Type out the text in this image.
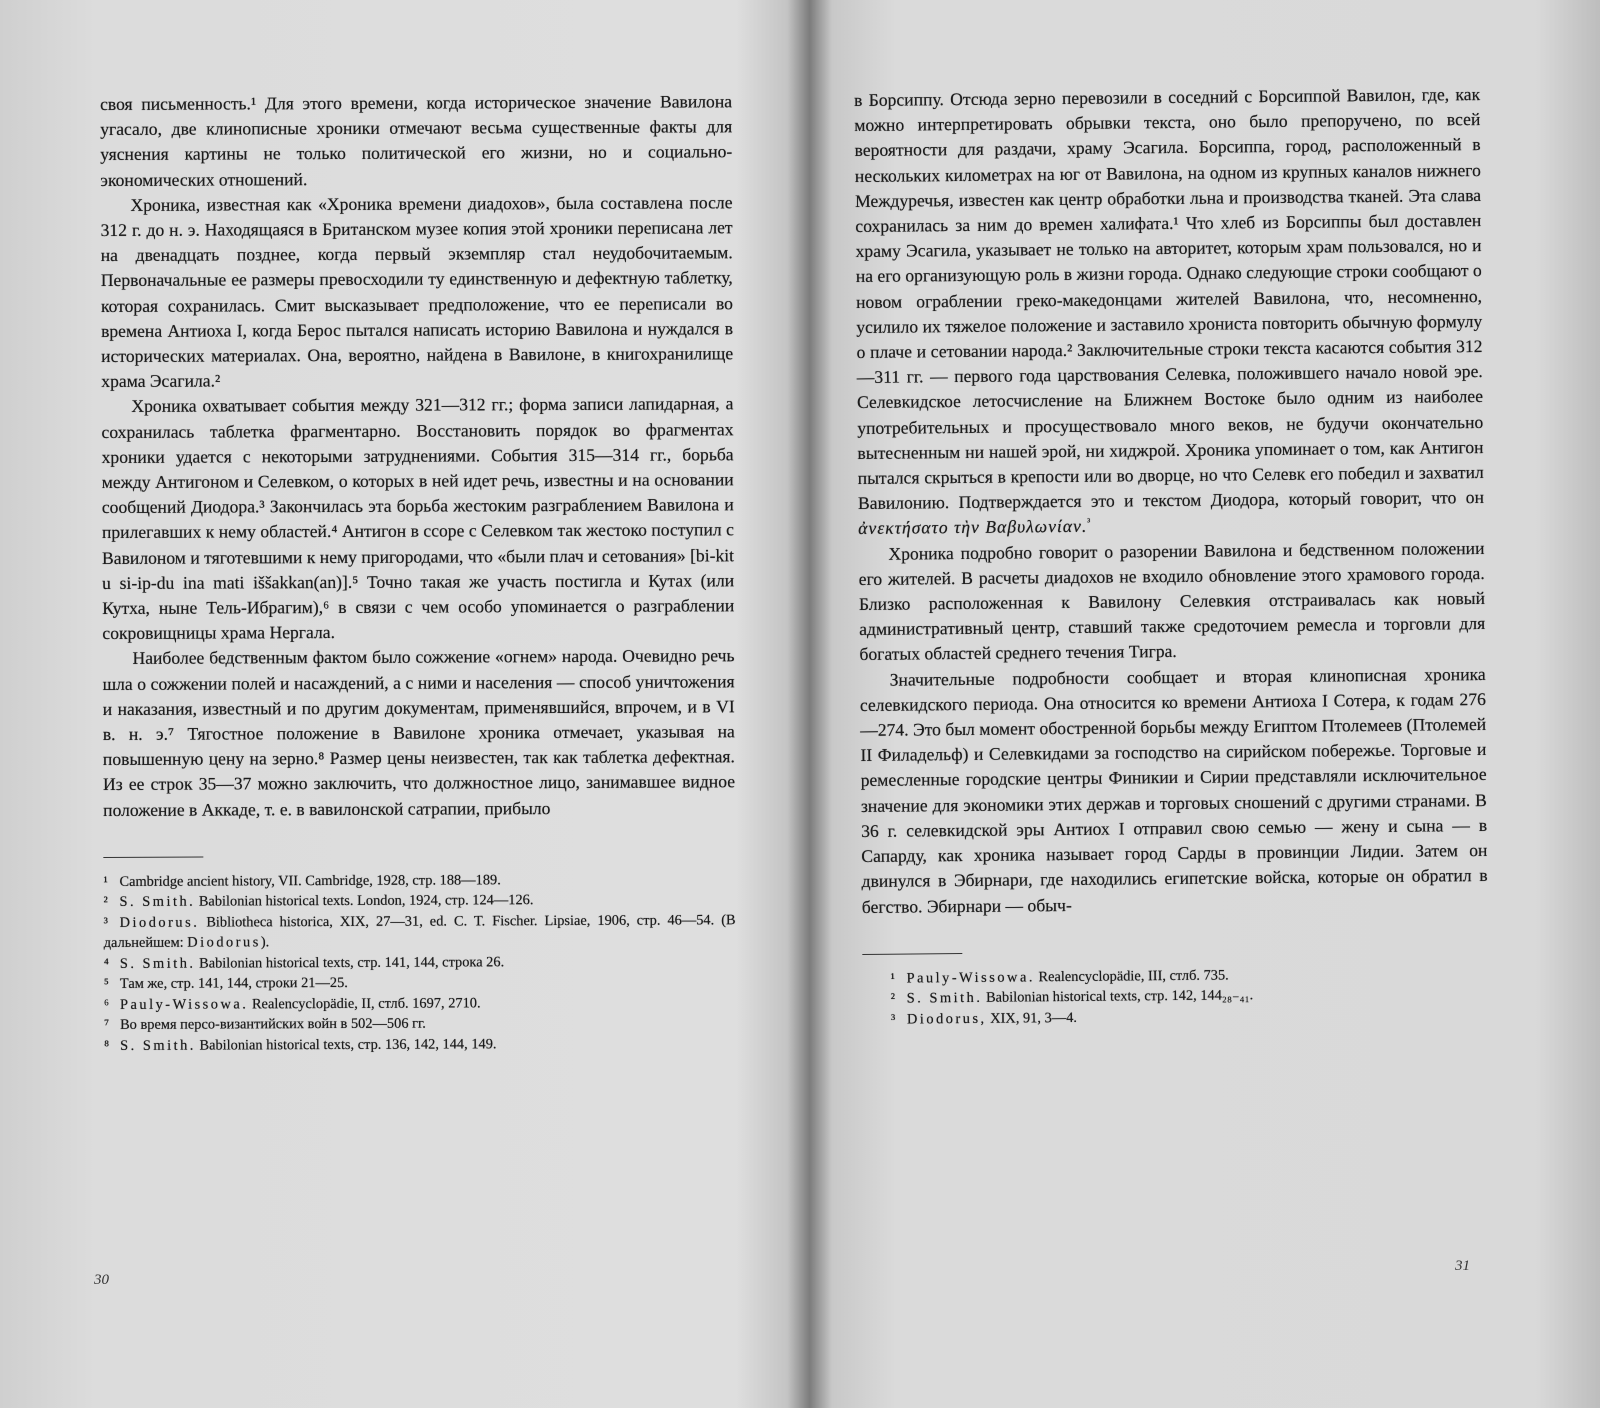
своя письменность.¹ Для этого времени, когда историческое значение Вавилона угасало, две клинописные хроники отмечают весьма существенные факты для уяснения картины не только политической его жизни, но и социально-экономических отношений.

Хроника, известная как «Хроника времени диадохов», была составлена после 312 г. до н. э. Находящаяся в Британском музее копия этой хроники переписана лет на двенадцать позднее, когда первый экземпляр стал неудобочитаемым. Первоначальные ее размеры превосходили ту единственную и дефектную таблетку, которая сохранилась. Смит высказывает предположение, что ее переписали во времена Антиоха I, когда Берос пытался написать историю Вавилона и нуждался в исторических материалах. Она, вероятно, найдена в Вавилоне, в книгохранилище храма Эсагила.²

Хроника охватывает события между 321—312 гг.; форма записи лапидарная, а сохранилась таблетка фрагментарно. Восстановить порядок во фрагментах хроники удается с некоторыми затруднениями. События 315—314 гг., борьба между Антигоном и Селевком, о которых в ней идет речь, известны и на основании сообщений Диодора.³ Закончилась эта борьба жестоким разграблением Вавилона и прилегавших к нему областей.⁴ Антигон в ссоре с Селевком так жестоко поступил с Вавилоном и тяготевшими к нему пригородами, что «были плач и сетования» [bi-kit u si-ip-du ina mati iššakkan(an)].⁵ Точно такая же участь постигла и Кутах (или Кутха, ныне Тель-Ибрагим),⁶ в связи с чем особо упоминается о разграблении сокровищницы храма Нергала.

Наиболее бедственным фактом было сожжение «огнем» народа. Очевидно речь шла о сожжении полей и насаждений, а с ними и населения — способ уничтожения и наказания, известный и по другим документам, применявшийся, впрочем, и в VI в. н. э.⁷ Тягостное положение в Вавилоне хроника отмечает, указывая на повышенную цену на зерно.⁸ Размер цены неизвестен, так как таблетка дефектная. Из ее строк 35—37 можно заключить, что должностное лицо, занимавшее видное положение в Аккаде, т. е. в вавилонской сатрапии, прибыло

¹ Cambridge ancient history, VII. Cambridge, 1928, стр. 188—189.
² S. Smith. Babilonian historical texts. London, 1924, стр. 124—126.
³ Diodorus. Bibliotheca historica, XIX, 27—31, ed. C. T. Fischer. Lipsiae, 1906, стр. 46—54. (В дальнейшем: Diodorus).
⁴ S. Smith. Babilonian historical texts, стр. 141, 144, строка 26.
⁵ Там же, стр. 141, 144, строки 21—25.
⁶ Pauly-Wissowa. Realencyclopädie, II, стлб. 1697, 2710.
⁷ Во время персо-византийских войн в 502—506 гг.
⁸ S. Smith. Babilonian historical texts, стр. 136, 142, 144, 149.
30

в Борсиппу. Отсюда зерно перевозили в соседний с Борсиппой Вавилон, где, как можно интерпретировать обрывки текста, оно было препоручено, по всей вероятности для раздачи, храму Эсагила. Борсиппа, город, расположенный в нескольких километрах на юг от Вавилона, на одном из крупных каналов нижнего Междуречья, известен как центр обработки льна и производства тканей. Эта слава сохранилась за ним до времен халифата.¹ Что хлеб из Борсиппы был доставлен храму Эсагила, указывает не только на авторитет, которым храм пользовался, но и на его организующую роль в жизни города. Однако следующие строки сообщают о новом ограблении греко-македонцами жителей Вавилона, что, несомненно, усилило их тяжелое положение и заставило хрониста повторить обычную формулу о плаче и сетовании народа.² Заключительные строки текста касаются события 312—311 гг. — первого года царствования Селевка, положившего начало новой эре. Селевкидское летосчисление на Ближнем Востоке было одним из наиболее употребительных и просуществовало много веков, не будучи окончательно вытесненным ни нашей эрой, ни хиджрой. Хроника упоминает о том, как Антигон пытался скрыться в крепости или во дворце, но что Селевк его победил и захватил Вавилонию. Подтверждается это и текстом Диодора, который говорит, что он ἀνεκτήσατο τὴν Βαβυλωνίαν.$^{^3}$

Хроника подробно говорит о разорении Вавилона и бедственном положении его жителей. В расчеты диадохов не входило обновление этого храмового города. Близко расположенная к Вавилону Селевкия отстраивалась как новый административный центр, ставший также средоточием ремесла и торговли для богатых областей среднего течения Тигра.

Значительные подробности сообщает и вторая клинописная хроника селевкидского периода. Она относится ко времени Антиоха I Сотера, к годам 276—274. Это был момент обостренной борьбы между Египтом Птолемеев (Птолемей II Филадельф) и Селевкидами за господство на сирийском побережье. Торговые и ремесленные городские центры Финикии и Сирии представляли исключительное значение для экономики этих держав и торговых сношений с другими странами. В 36 г. селевкидской эры Антиох I отправил свою семью — жену и сына — в Сапарду, как хроника называет город Сарды в провинции Лидии. Затем он двинулся в Эбирнари, где находились египетские войска, которые он обратил в бегство. Эбирнари — обыч-

¹ Pauly-Wissowa. Realencyclopädie, III, стлб. 735.
² S. Smith. Babilonian historical texts, стр. 142, 144₂₈₋₄₁.
³ Diodorus, XIX, 91, 3—4.
31
